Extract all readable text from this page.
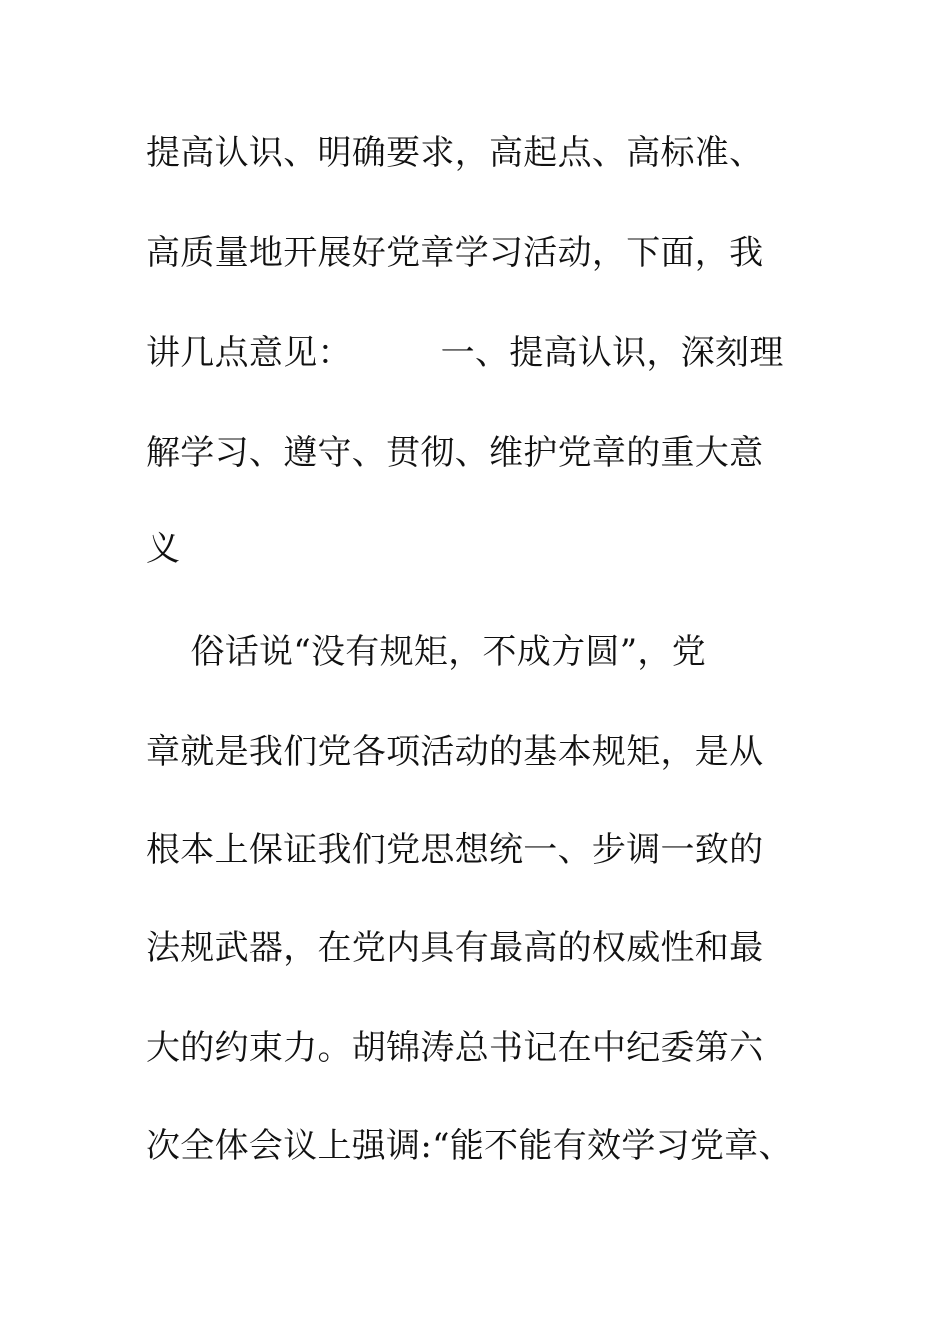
提高认识、明确要求，高起点、高标准、
高质量地开展好党章学习活动，下面，我
讲几点意见：        一、提高认识，深刻理
解学习、遵守、贯彻、维护党章的重大意
义
俗话说“没有规矩，不成方圆”，党
章就是我们党各项活动的基本规矩，是从
根本上保证我们党思想统一、步调一致的
法规武器，在党内具有最高的权威性和最
大的约束力。胡锦涛总书记在中纪委第六
次全体会议上强调:“能不能有效学习党章、
